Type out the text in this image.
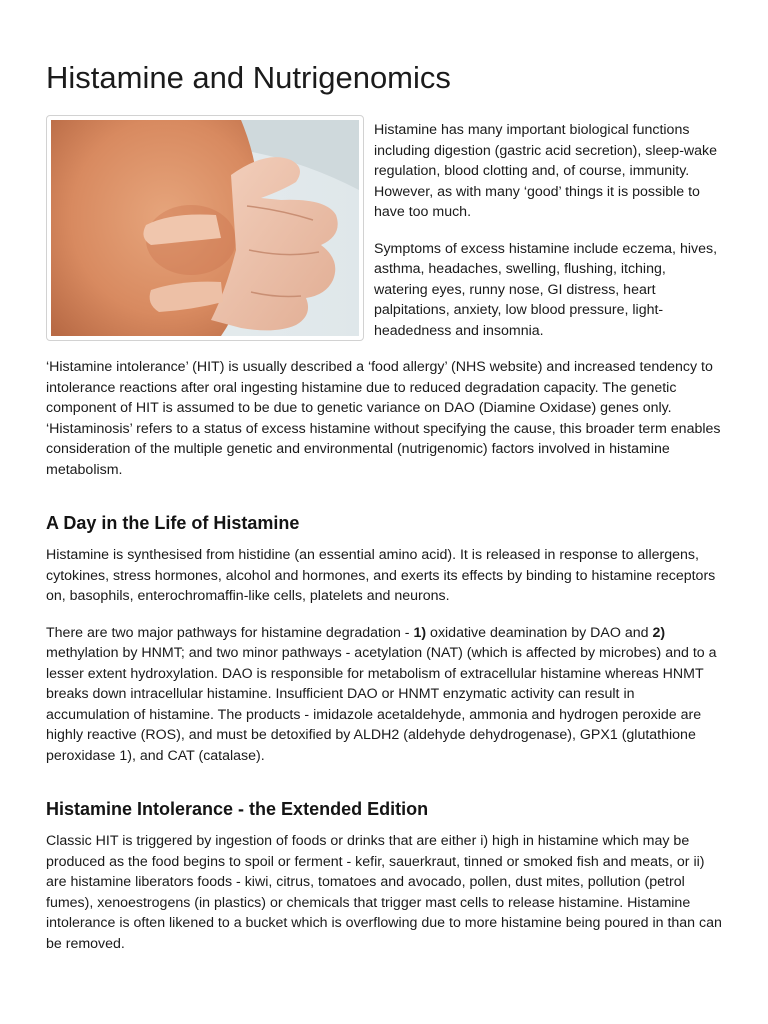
Histamine and Nutrigenomics

Histamine has many important biological functions including digestion (gastric acid secretion), sleep-wake regulation, blood clotting and, of course, immunity. However, as with many ‘good’ things it is possible to have too much.

Symptoms of excess histamine include eczema, hives, asthma, headaches, swelling, flushing, itching, watering eyes, runny nose, GI distress, heart palpitations, anxiety, low blood pressure, light-headedness and insomnia.

‘Histamine intolerance’ (HIT) is usually described a ‘food allergy’ (NHS website) and increased tendency to intolerance reactions after oral ingesting histamine due to reduced degradation capacity. The genetic component of HIT is assumed to be due to genetic variance on DAO (Diamine Oxidase) genes only. ‘Histaminosis’ refers to a status of excess histamine without specifying the cause, this broader term enables consideration of the multiple genetic and environmental (nutrigenomic) factors involved in histamine metabolism.

A Day in the Life of Histamine

Histamine is synthesised from histidine (an essential amino acid). It is released in response to allergens, cytokines, stress hormones, alcohol and hormones, and exerts its effects by binding to histamine receptors on, basophils, enterochromaffin-like cells, platelets and neurons.

There are two major pathways for histamine degradation - 1) oxidative deamination by DAO and 2) methylation by HNMT; and two minor pathways - acetylation (NAT) (which is affected by microbes) and to a lesser extent hydroxylation. DAO is responsible for metabolism of extracellular histamine whereas HNMT breaks down intracellular histamine. Insufficient DAO or HNMT enzymatic activity can result in accumulation of histamine. The products - imidazole acetaldehyde, ammonia and hydrogen peroxide are highly reactive (ROS), and must be detoxified by ALDH2 (aldehyde dehydrogenase), GPX1 (glutathione peroxidase 1), and CAT (catalase).

Histamine Intolerance - the Extended Edition

Classic HIT is triggered by ingestion of foods or drinks that are either i) high in histamine which may be produced as the food begins to spoil or ferment - kefir, sauerkraut, tinned or smoked fish and meats, or ii) are histamine liberators foods - kiwi, citrus, tomatoes and avocado, pollen, dust mites, pollution (petrol fumes), xenoestrogens (in plastics) or chemicals that trigger mast cells to release histamine. Histamine intolerance is often likened to a bucket which is overflowing due to more histamine being poured in than can be removed.
